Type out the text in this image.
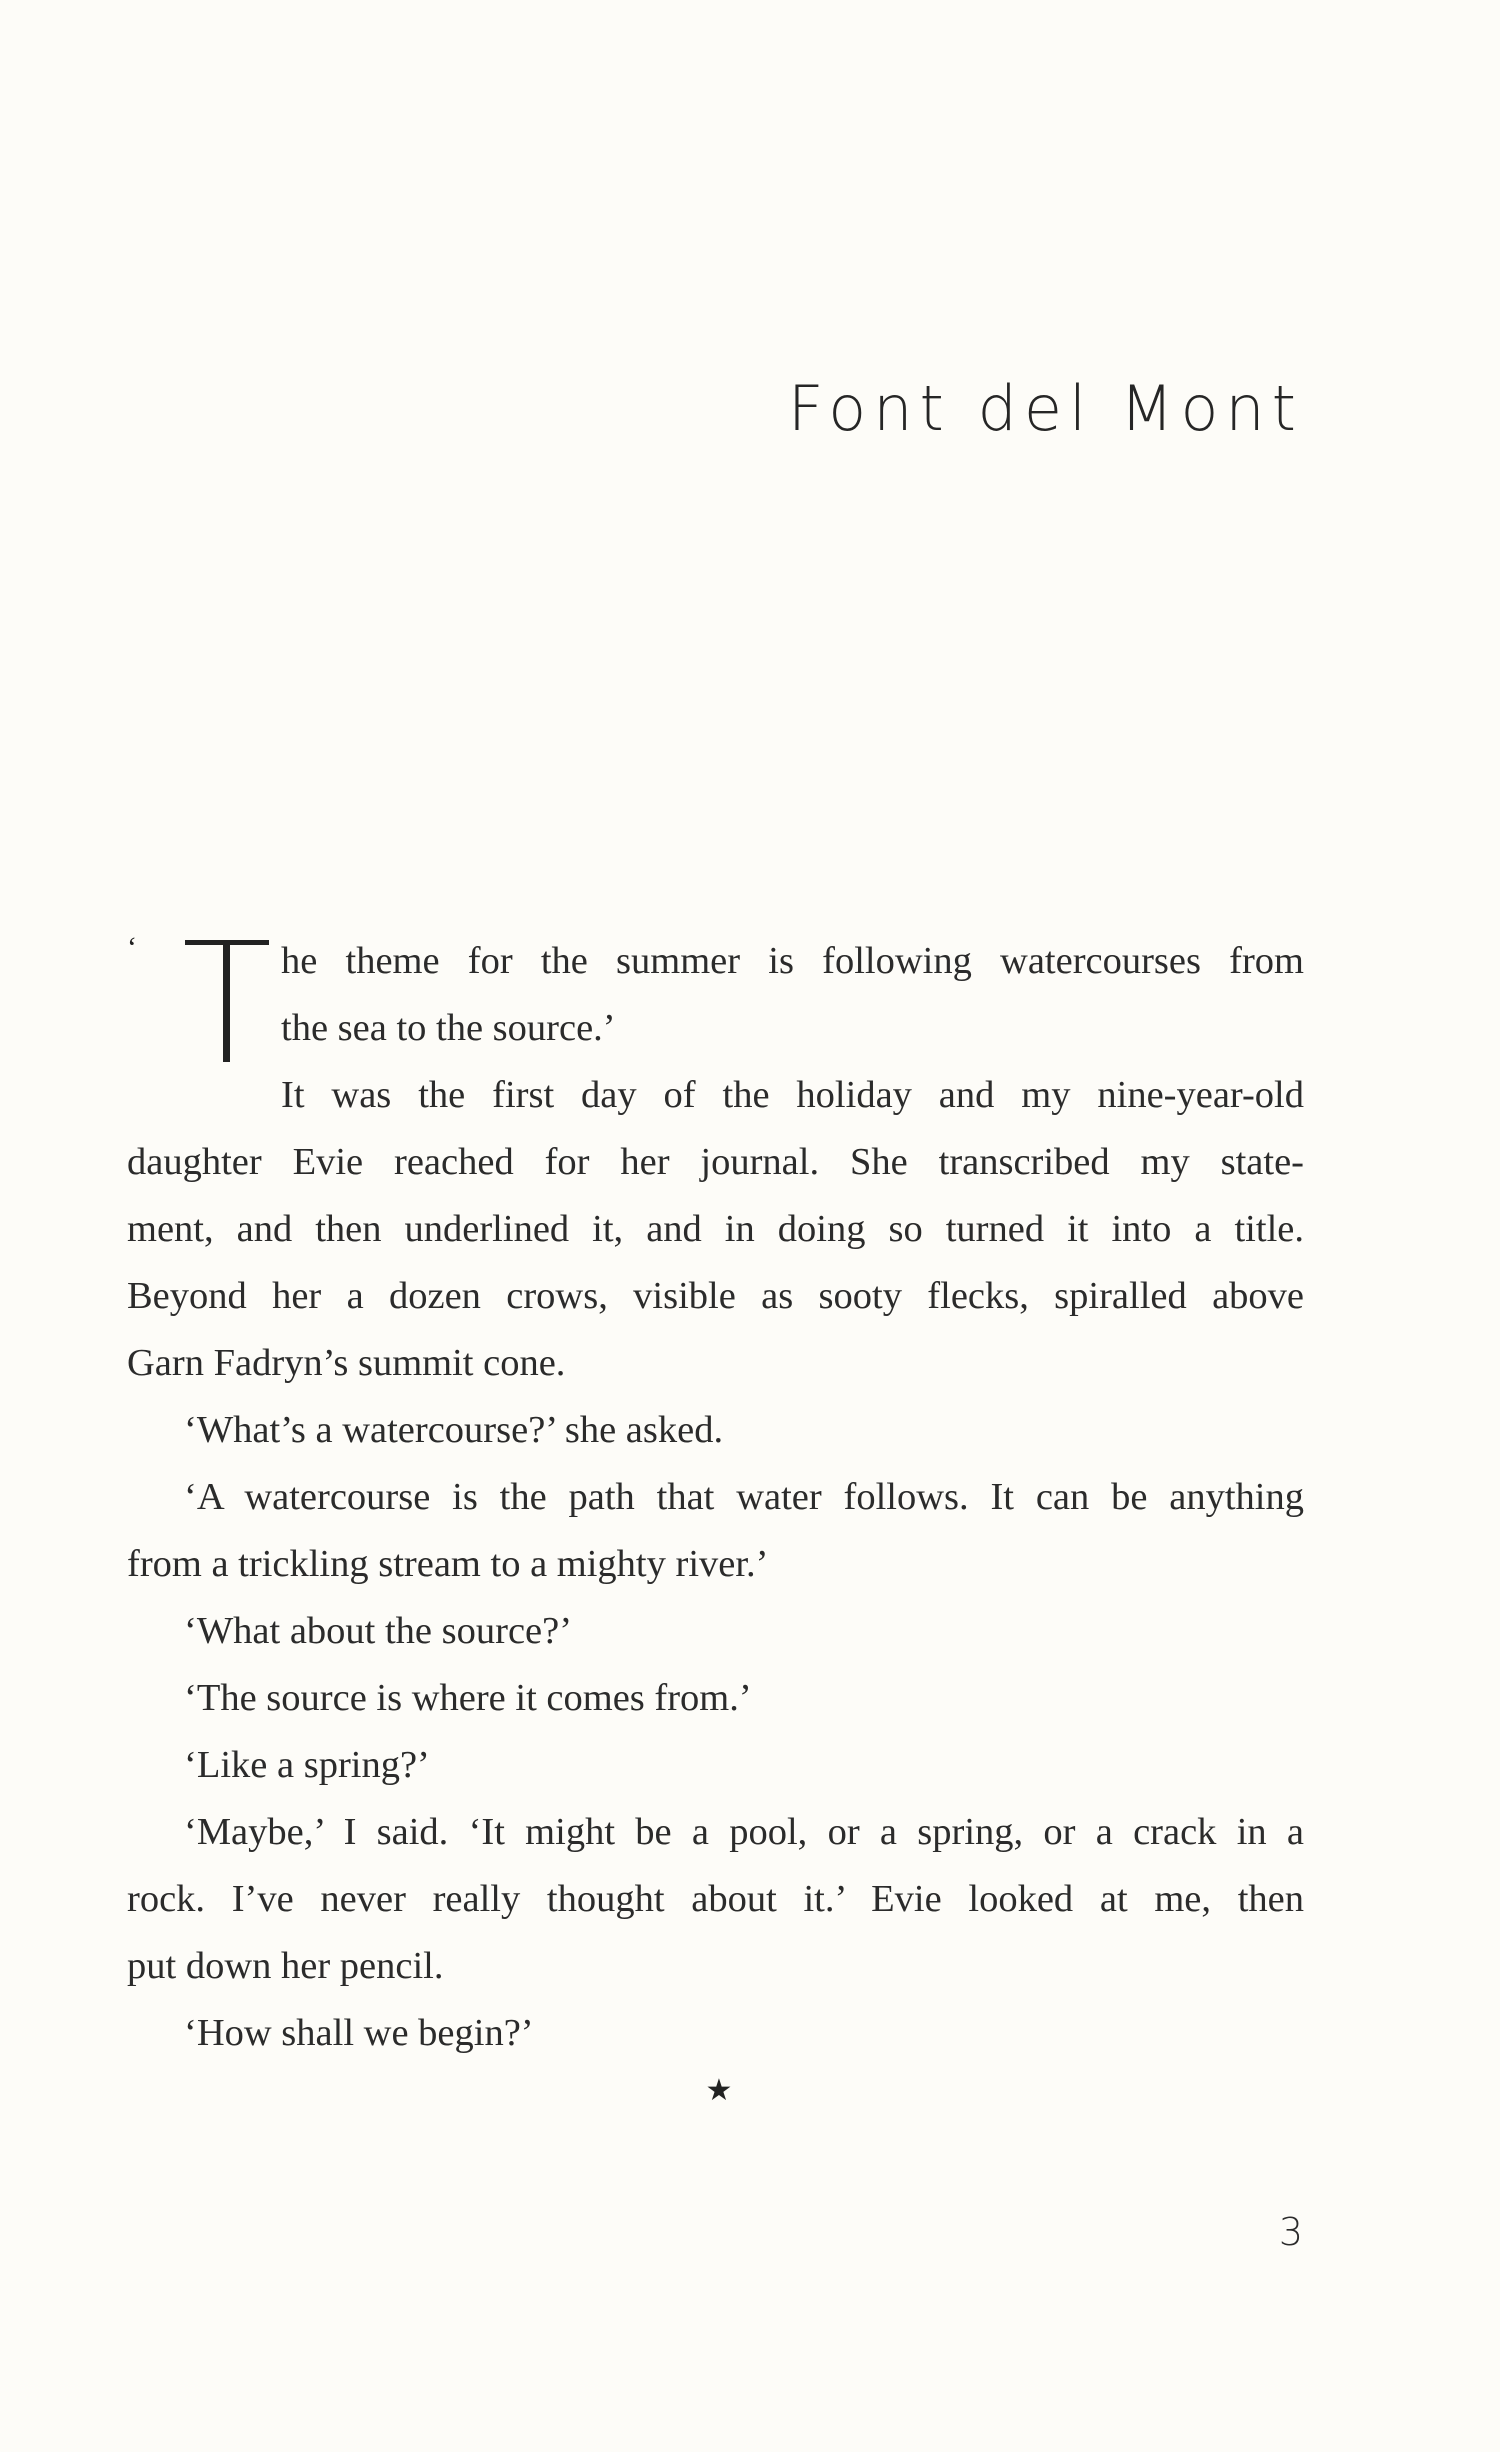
Font del Mont
‘	he theme for the summer is following watercourses from
the sea to the source.’
It was the first day of the holiday and my nine-year-old
daughter Evie reached for her journal. She transcribed my state-
ment, and then underlined it, and in doing so turned it into a title.
Beyond her a dozen crows, visible as sooty flecks, spiralled above
Garn Fadryn’s summit cone.
‘What’s a watercourse?’ she asked.
‘A watercourse is the path that water follows. It can be anything
from a trickling stream to a mighty river.’
‘What about the source?’
‘The source is where it comes from.’
‘Like a spring?’
‘Maybe,’ I said. ‘It might be a pool, or a spring, or a crack in a
rock. I’ve never really thought about it.’ Evie looked at me, then
put down her pencil.
‘How shall we begin?’
★
3
